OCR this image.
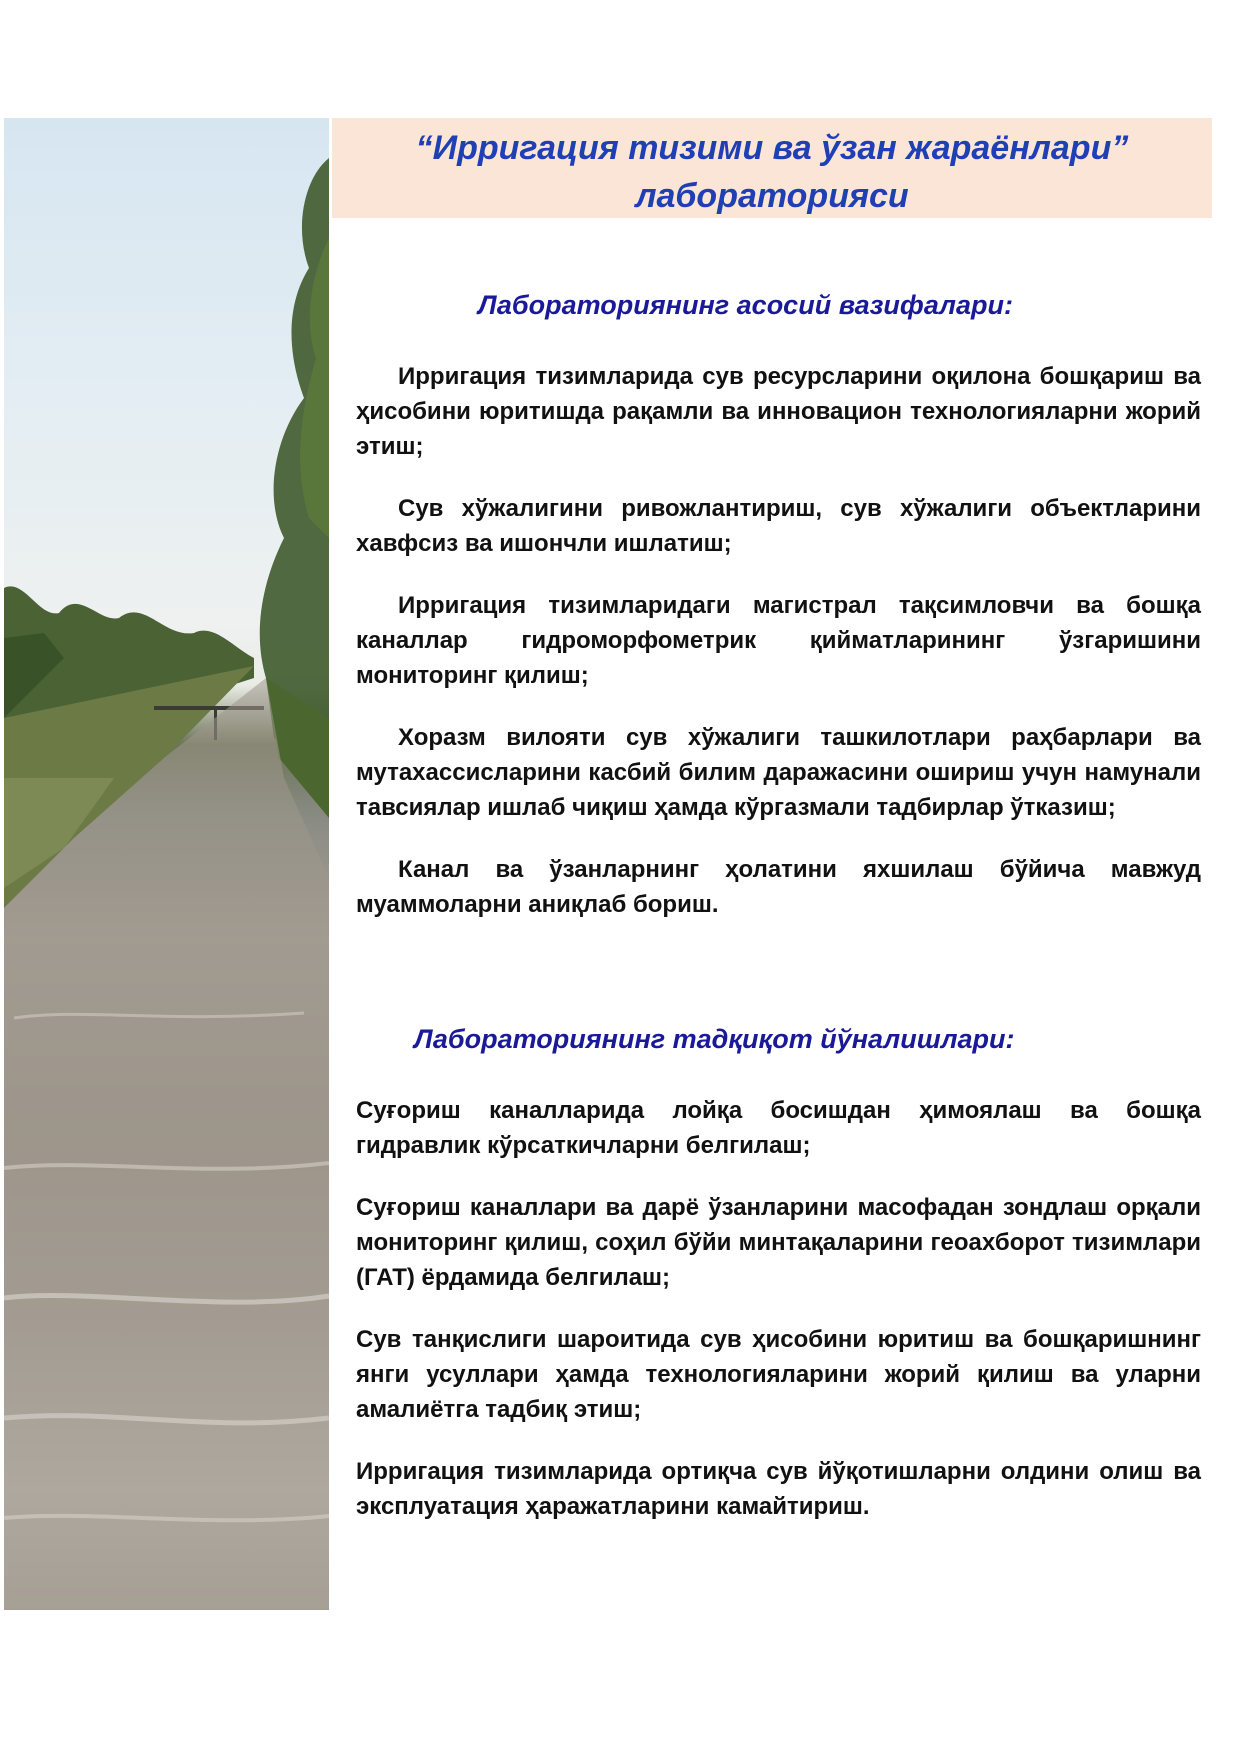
“Ирригация тизими ва ўзан жараёнлари”
лабораторияси
Лабораториянинг асосий вазифалари:

Ирригация тизимларида сув ресурсларини оқилона бошқариш ва ҳисобини юритишда рақамли ва инновацион технологияларни жорий этиш;

Сув хўжалигини ривожлантириш, сув хўжалиги объектларини хавфсиз ва ишончли ишлатиш;

Ирригация тизимларидаги магистрал тақсимловчи ва бошқа каналлар гидроморфометрик қийматларининг ўзгаришини мониторинг қилиш;

Хоразм вилояти сув хўжалиги ташкилотлари раҳбарлари ва мутахассисларини касбий билим даражасини ошириш учун намунали тавсиялар ишлаб чиқиш ҳамда кўргазмали тадбирлар ўтказиш;

Канал ва ўзанларнинг ҳолатини яхшилаш бўйича мавжуд муаммоларни аниқлаб бориш.

Лабораториянинг тадқиқот йўналишлари:

Суғориш каналларида лойқа босишдан ҳимоялаш ва бошқа гидравлик кўрсаткичларни белгилаш;

Суғориш каналлари ва дарё ўзанларини масофадан зондлаш орқали мониторинг қилиш, соҳил бўйи минтақаларини геоахборот тизимлари (ГАТ) ёрдамида белгилаш;

Сув танқислиги шароитида сув ҳисобини юритиш ва бошқаришнинг янги усуллари ҳамда технологияларини жорий қилиш ва уларни амалиётга тадбиқ этиш;

Ирригация тизимларида ортиқча сув йўқотишларни олдини олиш ва эксплуатация ҳаражатларини камайтириш.
